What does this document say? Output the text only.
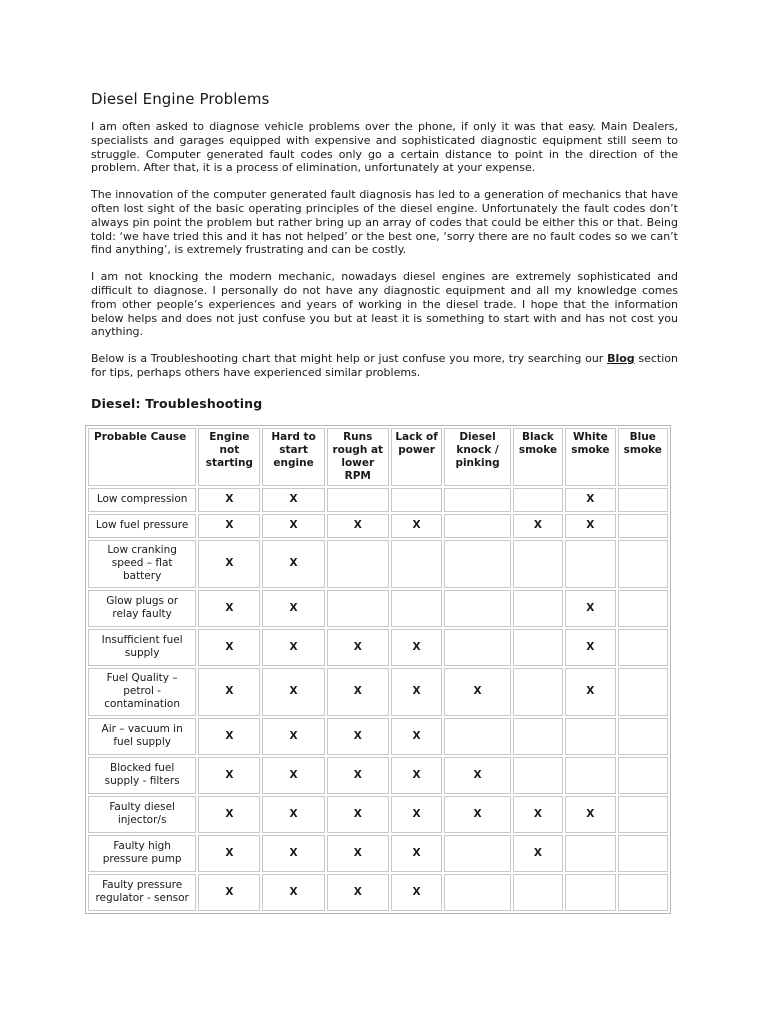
Diesel Engine Problems

I am often asked to diagnose vehicle problems over the phone, if only it was that easy. Main Dealers, specialists and garages equipped with expensive and sophisticated diagnostic equipment still seem to struggle. Computer generated fault codes only go a certain distance to point in the direction of the problem. After that, it is a process of elimination, unfortunately at your expense.

The innovation of the computer generated fault diagnosis has led to a generation of mechanics that have often lost sight of the basic operating principles of the diesel engine. Unfortunately the fault codes don’t always pin point the problem but rather bring up an array of codes that could be either this or that. Being told: ‘we have tried this and it has not helped’ or the best one, ‘sorry there are no fault codes so we can’t find anything’, is extremely frustrating and can be costly.

I am not knocking the modern mechanic, nowadays diesel engines are extremely sophisticated and difficult to diagnose. I personally do not have any diagnostic equipment and all my knowledge comes from other people’s experiences and years of working in the diesel trade. I hope that the information below helps and does not just confuse you but at least it is something to start with and has not cost you anything.

Below is a Troubleshooting chart that might help or just confuse you more, try searching our Blog section for tips, perhaps others have experienced similar problems.

Diesel: Troubleshooting
Probable Cause	Engine not starting	Hard to start engine	Runs rough at lower RPM	Lack of power	Diesel knock / pinking	Black smoke	White smoke	Blue smoke
Low compression	X	X					X	
Low fuel pressure	X	X	X	X		X	X	
Low cranking speed – flat battery	X	X						
Glow plugs or relay faulty	X	X					X	
Insufficient fuel supply	X	X	X	X			X	
Fuel Quality – petrol - contamination	X	X	X	X	X		X	
Air – vacuum in fuel supply	X	X	X	X				
Blocked fuel supply - filters	X	X	X	X	X			
Faulty diesel injector/s	X	X	X	X	X	X	X	
Faulty high pressure pump	X	X	X	X		X		
Faulty pressure regulator - sensor	X	X	X	X				
